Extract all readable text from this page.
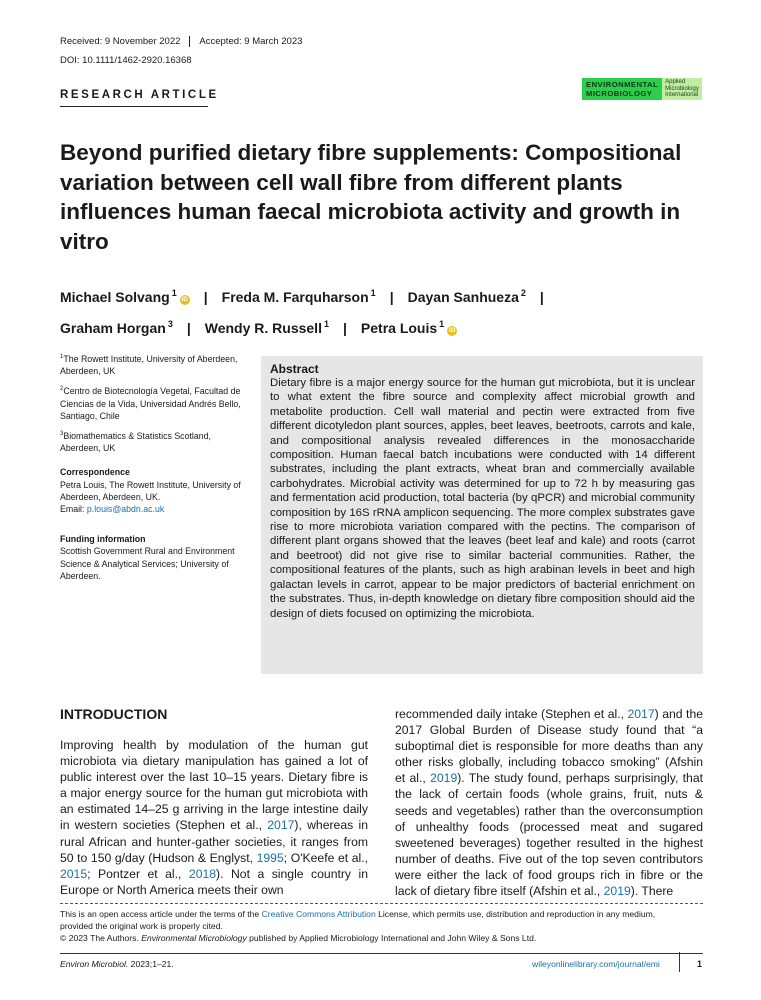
Received: 9 November 2022 Accepted: 9 March 2023
DOI: 10.1111/1462-2920.16368
RESEARCH ARTICLE
ENVIRONMENTAL
MICROBIOLOGY
Applied
Microbiology
International
Beyond purified dietary fibre supplements: Compositional variation between cell wall fibre from different plants influences human faecal microbiota activity and growth in vitro
Michael Solvang $^1$iD | Freda M. Farquharson $^1$ | Dayan Sanhueza $^2$ |
Graham Horgan $^3$ | Wendy R. Russell $^1$ | Petra Louis $^1$iD

$^1$The Rowett Institute, University of Aberdeen, Aberdeen, UK

$^2$Centro de Biotecnología Vegetal, Facultad de Ciencias de la Vida, Universidad Andrés Bello, Santiago, Chile

$^3$Biomathematics & Statistics Scotland, Aberdeen, UK

Correspondence

Petra Louis, The Rowett Institute, University of Aberdeen, Aberdeen, UK.
Email: p.louis@abdn.ac.uk

Funding information

Scottish Government Rural and Environment Science & Analytical Services; University of Aberdeen.

Abstract

Dietary fibre is a major energy source for the human gut microbiota, but it is unclear to what extent the fibre source and complexity affect microbial growth and metabolite production. Cell wall material and pectin were extracted from five different dicotyledon plant sources, apples, beet leaves, beetroots, carrots and kale, and compositional analysis revealed differences in the monosaccharide composition. Human faecal batch incubations were conducted with 14 different substrates, including the plant extracts, wheat bran and commercially available carbohydrates. Microbial activity was determined for up to 72 h by measuring gas and fermentation acid production, total bacteria (by qPCR) and microbial community composition by 16S rRNA amplicon sequencing. The more complex substrates gave rise to more microbiota variation compared with the pectins. The comparison of different plant organs showed that the leaves (beet leaf and kale) and roots (carrot and beetroot) did not give rise to similar bacterial communities. Rather, the compositional features of the plants, such as high arabinan levels in beet and high galactan levels in carrot, appear to be major predictors of bacterial enrichment on the substrates. Thus, in-depth knowledge on dietary fibre composition should aid the design of diets focused on optimizing the microbiota.

INTRODUCTION
Improving health by modulation of the human gut microbiota via dietary manipulation has gained a lot of public interest over the last 10–15 years. Dietary fibre is a major energy source for the human gut microbiota with an estimated 14–25 g arriving in the large intestine daily in western societies (Stephen et al., 2017), whereas in rural African and hunter-gather societies, it ranges from 50 to 150 g/day (Hudson & Englyst, 1995; O'Keefe et al., 2015; Pontzer et al., 2018). Not a single country in Europe or North America meets their own
recommended daily intake (Stephen et al., 2017) and the 2017 Global Burden of Disease study found that “a suboptimal diet is responsible for more deaths than any other risks globally, including tobacco smoking” (Afshin et al., 2019). The study found, perhaps surprisingly, that the lack of certain foods (whole grains, fruit, nuts & seeds and vegetables) rather than the overconsumption of unhealthy foods (processed meat and sugared sweetened beverages) together resulted in the highest number of deaths. Five out of the top seven contributors were either the lack of food groups rich in fibre or the lack of dietary fibre itself (Afshin et al., 2019). There
This is an open access article under the terms of the Creative Commons Attribution License, which permits use, distribution and reproduction in any medium,
provided the original work is properly cited.
© 2023 The Authors. Environmental Microbiology published by Applied Microbiology International and John Wiley & Sons Ltd.
Environ Microbiol. 2023;1–21.	wileyonlinelibrary.com/journal/emi	1
